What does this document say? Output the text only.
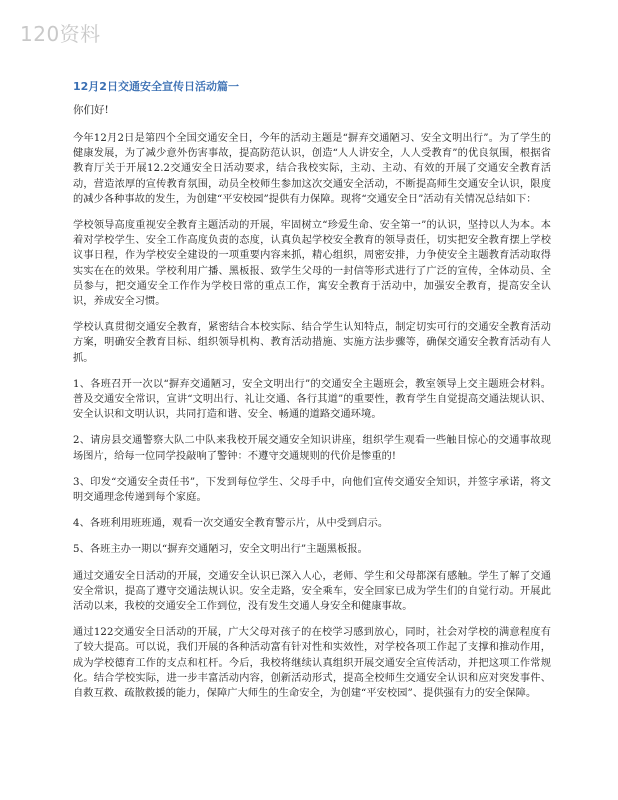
120资料
12月2日交通安全宣传日活动篇一
你们好!
今年12月2日是第四个全国交通安全日，今年的活动主题是“摒弃交通陋习、安全文明出行”。为了学生的健康发展，为了减少意外伤害事故，提高防范认识，创造“人人讲安全，人人受教育”的优良氛围，根据省教育厅关于开展12.2交通安全日活动要求，结合我校实际，主动、主动、有效的开展了交通安全教育活动，营造浓厚的宣传教育氛围，动员全校师生参加这次交通安全活动，不断提高师生交通安全认识，限度的减少各种事故的发生，为创建“平安校园”提供有力保障。现将“交通安全日”活动有关情况总结如下：
学校领导高度重视安全教育主题活动的开展，牢固树立“珍爱生命、安全第一”的认识，坚持以人为本。本着对学校学生、安全工作高度负责的态度，认真负起学校安全教育的领导责任，切实把安全教育摆上学校议事日程，作为学校安全建设的一项重要内容来抓，精心组织，周密安排，力争使安全主题教育活动取得实实在在的效果。学校利用广播、黑板报、致学生父母的一封信等形式进行了广泛的宣传，全体动员、全员参与，把交通安全工作作为学校日常的重点工作，寓安全教育于活动中，加强安全教育，提高安全认识，养成安全习惯。
学校认真贯彻交通安全教育，紧密结合本校实际、结合学生认知特点，制定切实可行的交通安全教育活动方案，明确安全教育目标、组织领导机构、教育活动措施、实施方法步骤等，确保交通安全教育活动有人抓。
1、各班召开一次以“摒弃交通陋习，安全文明出行”的交通安全主题班会，教室领导上交主题班会材料。普及交通安全常识，宣讲“文明出行、礼让交通、各行其道”的重要性，教育学生自觉提高交通法规认识、安全认识和文明认识，共同打造和谐、安全、畅通的道路交通环境。
2、请房县交通警察大队二中队来我校开展交通安全知识讲座，组织学生观看一些触目惊心的交通事故现场图片，给每一位同学投敲响了警钟：不遵守交通规则的代价是惨重的!
3、印发“交通安全责任书”，下发到每位学生、父母手中，向他们宣传交通安全知识，并签字承诺，将文明交通理念传递到每个家庭。
4、各班利用班班通，观看一次交通安全教育警示片，从中受到启示。
5、各班主办一期以“摒弃交通陋习，安全文明出行”主题黑板报。
通过交通安全日活动的开展，交通安全认识已深入人心，老师、学生和父母都深有感触。学生了解了交通安全常识，提高了遵守交通法规认识。安全走路，安全乘车，安全回家已成为学生们的自觉行动。开展此活动以来，我校的交通安全工作到位，没有发生交通人身安全和健康事故。
通过122交通安全日活动的开展，广大父母对孩子的在校学习感到放心，同时，社会对学校的满意程度有了较大提高。可以说，我们开展的各种活动富有针对性和实效性，对学校各项工作起了支撑和推动作用，成为学校德育工作的支点和杠杆。今后，我校将继续认真组织开展交通安全宣传活动，并把这项工作常规化。结合学校实际，进一步丰富活动内容，创新活动形式，提高全校师生交通安全认识和应对突发事件、自救互救、疏散救援的能力，保障广大师生的生命安全，为创建“平安校园”、提供强有力的安全保障。
